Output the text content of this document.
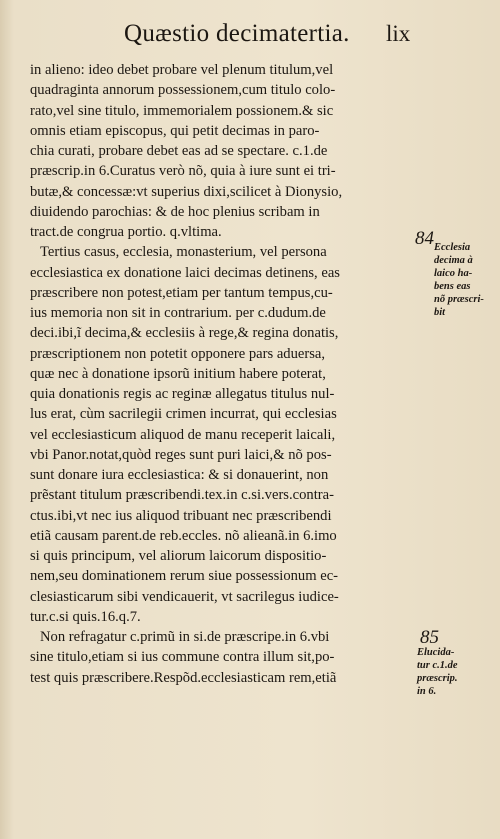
Quæstio decimatertia. lix
in alieno: ideo debet probare vel plenum titulum,vel
quadraginta annorum possessionem,cum titulo colo-
rato,vel sine titulo, immemorialem possionem.& sic
omnis etiam episcopus, qui petit decimas in paro-
chia curati, probare debet eas ad se spectare. c.1.de
præscrip.in 6.Curatus verò nõ, quia à iure sunt ei tri-
butæ,& concessæ:vt superius dixi,scilicet à Dionysio,
diuidendo parochias: & de hoc plenius scribam in
tract.de congrua portio. q.vltima.
Tertius casus, ecclesia, monasterium, vel persona
ecclesiastica ex donatione laici decimas detinens, eas
præscribere non potest,etiam per tantum tempus,cu-
ius memoria non sit in contrarium. per c.dudum.de
deci.ibi,ĩ decima,& ecclesiis à rege,& regina donatis,
præscriptionem non potetit opponere pars aduersa,
quæ nec à donatione ipsorũ initium habere poterat,
quia donationis regis ac reginæ allegatus titulus nul-
lus erat, cùm sacrilegii crimen incurrat, qui ecclesias
vel ecclesiasticum aliquod de manu receperit laicali,
vbi Panor.notat,quòd reges sunt puri laici,& nõ pos-
sunt donare iura ecclesiastica: & si donauerint, non
prẽstant titulum præscribendi.tex.in c.si.vers.contra-
ctus.ibi,vt nec ius aliquod tribuant nec præscribendi
etiã causam parent.de reb.eccles. nõ alieanã.in 6.imo
si quis principum, vel aliorum laicorum dispositio-
nem,seu dominationem rerum siue possessionum ec-
clesiasticarum sibi vendicauerit, vt sacrilegus iudice-
tur.c.si quis.16.q.7.
Non refragatur c.primũ in si.de præscripe.in 6.vbi
sine titulo,etiam si ius commune contra illum sit,po-
test quis præscribere.Respõd.ecclesiasticam rem,etiã
84 Ecclesia
decima à
laico ha-
bens eas
nõ præscri-
bit
85
Elucida-
tur c.1.de
præscrip.
in 6.
